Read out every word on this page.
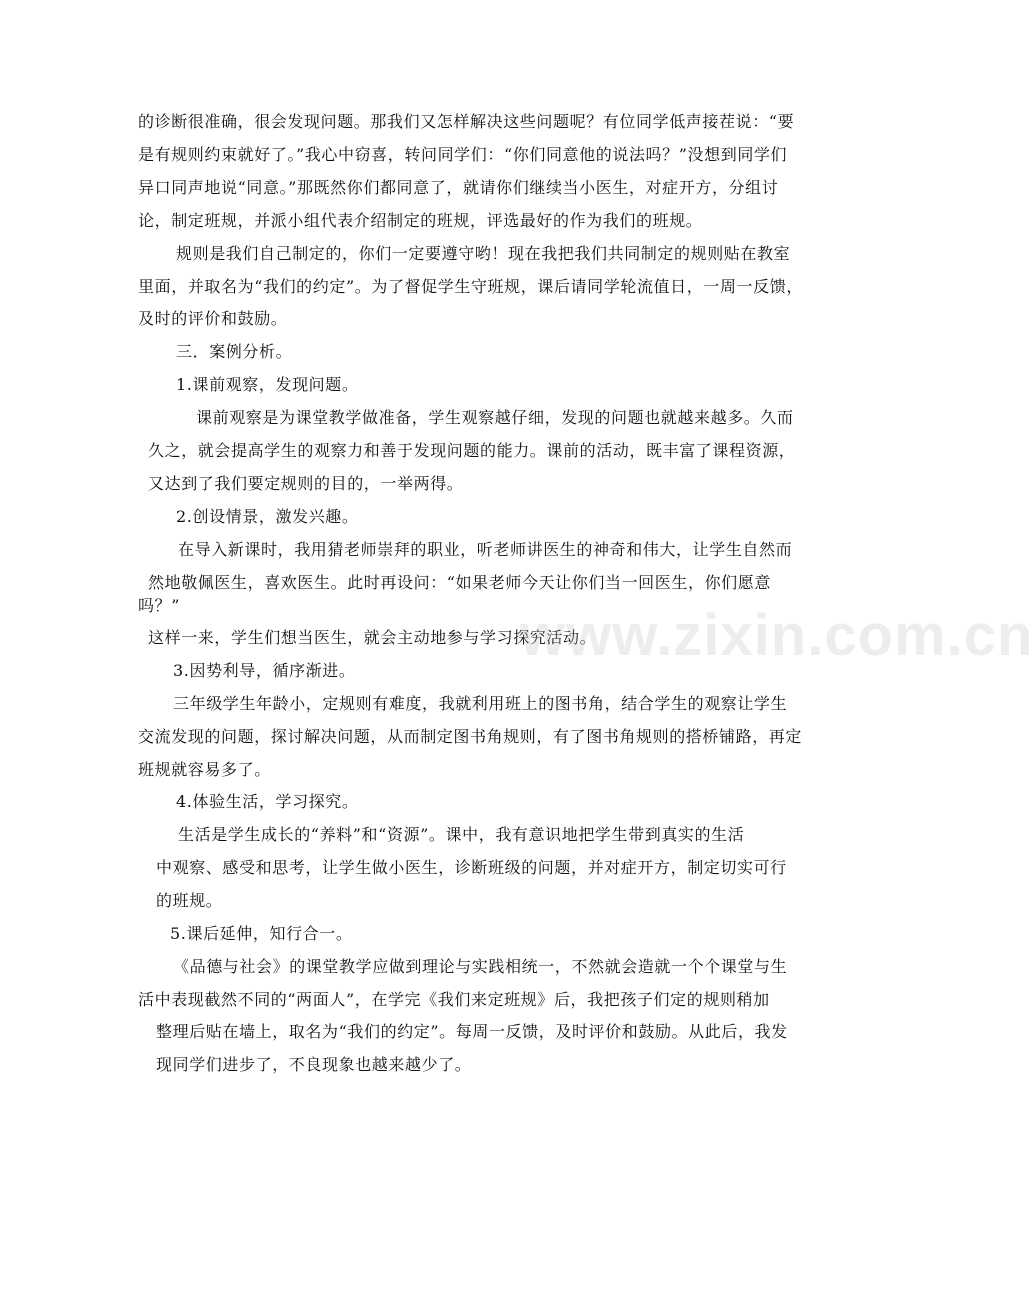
的诊断很准确，很会发现问题。那我们又怎样解决这些问题呢？有位同学低声接茬说：“要
是有规则约束就好了。”我心中窃喜，转问同学们：“你们同意他的说法吗？”没想到同学们
异口同声地说“同意。”那既然你们都同意了，就请你们继续当小医生，对症开方，分组讨
论，制定班规，并派小组代表介绍制定的班规，评选最好的作为我们的班规。
规则是我们自己制定的，你们一定要遵守哟！现在我把我们共同制定的规则贴在教室
里面，并取名为“我们的约定”。为了督促学生守班规，课后请同学轮流值日，一周一反馈，
及时的评价和鼓励。
三．案例分析。
1.课前观察，发现问题。
课前观察是为课堂教学做准备，学生观察越仔细，发现的问题也就越来越多。久而
久之，就会提高学生的观察力和善于发现问题的能力。课前的活动，既丰富了课程资源，
又达到了我们要定规则的目的，一举两得。
2.创设情景，激发兴趣。
在导入新课时，我用猜老师崇拜的职业，听老师讲医生的神奇和伟大，让学生自然而
然地敬佩医生，喜欢医生。此时再设问：“如果老师今天让你们当一回医生，你们愿意
吗？”
这样一来，学生们想当医生，就会主动地参与学习探究活动。
3.因势利导，循序渐进。
三年级学生年龄小，定规则有难度，我就利用班上的图书角，结合学生的观察让学生
交流发现的问题，探讨解决问题，从而制定图书角规则，有了图书角规则的搭桥铺路，再定
班规就容易多了。
4.体验生活，学习探究。
生活是学生成长的“养料”和“资源”。课中，我有意识地把学生带到真实的生活
中观察、感受和思考，让学生做小医生，诊断班级的问题，并对症开方，制定切实可行
的班规。
5.课后延伸，知行合一。
《品德与社会》的课堂教学应做到理论与实践相统一，不然就会造就一个个课堂与生
活中表现截然不同的“两面人”，在学完《我们来定班规》后，我把孩子们定的规则稍加
整理后贴在墙上，取名为“我们的约定”。每周一反馈，及时评价和鼓励。从此后，我发
现同学们进步了，不良现象也越来越少了。
www.zixin.com.cn
